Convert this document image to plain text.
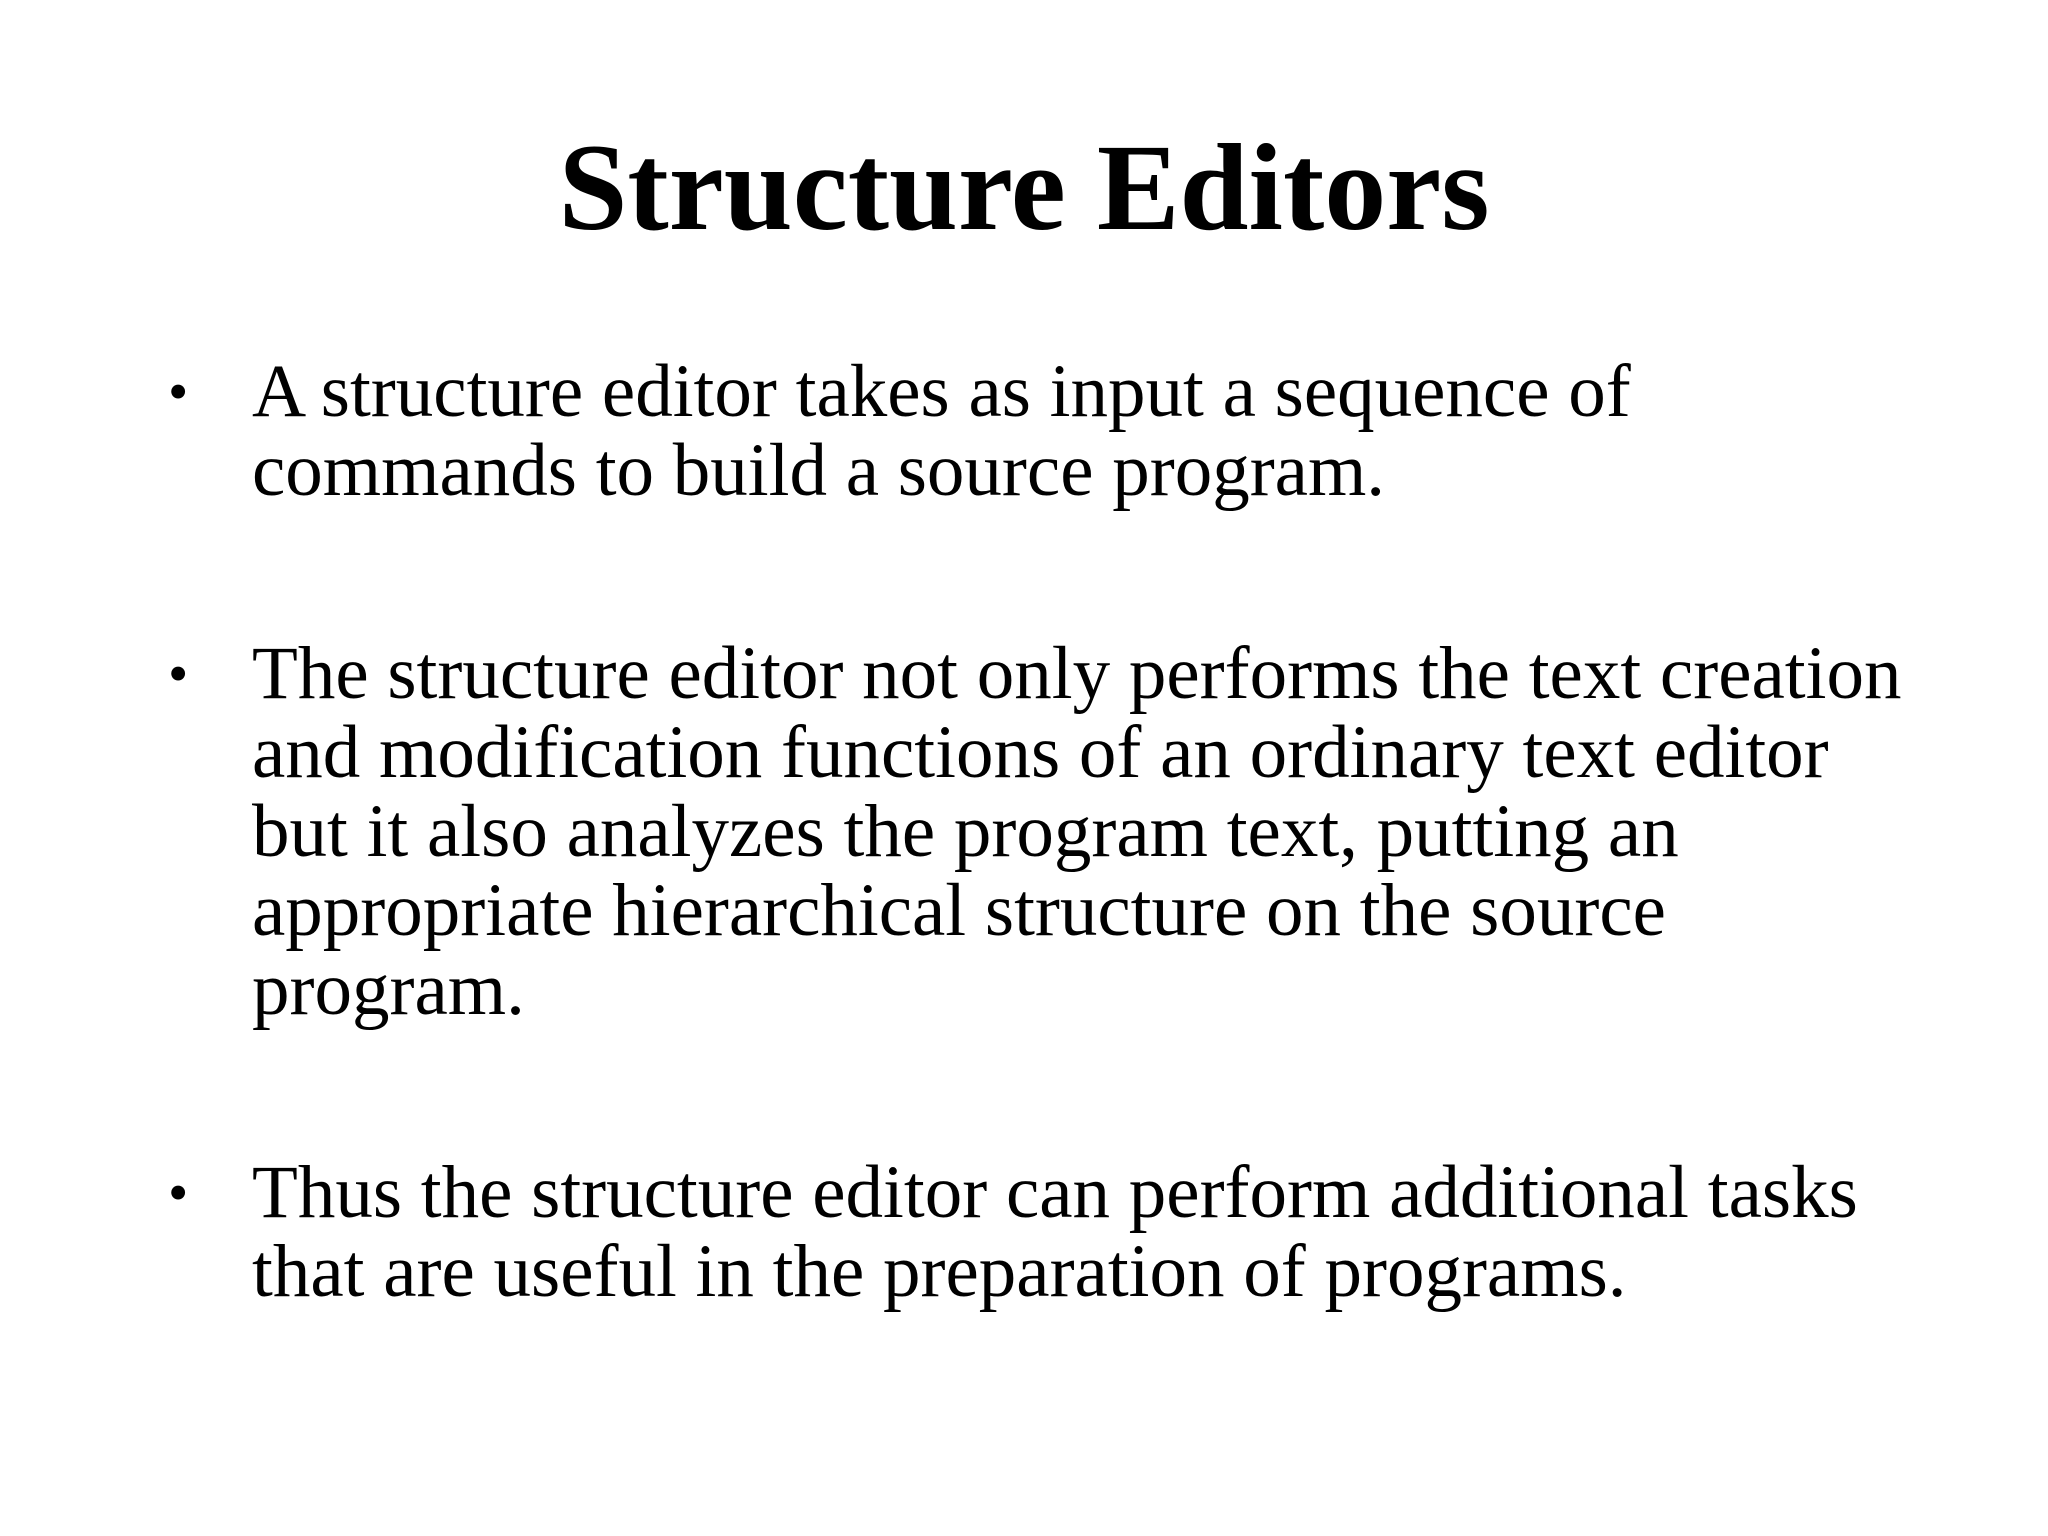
Structure Editors
• A structure editor takes as input a sequence of commands to build a source program.
• The structure editor not only performs the text creation and modification functions of an ordinary text editor but it also analyzes the program text, putting an appropriate hierarchical structure on the source program.
• Thus the structure editor can perform additional tasks that are useful in the preparation of programs.
